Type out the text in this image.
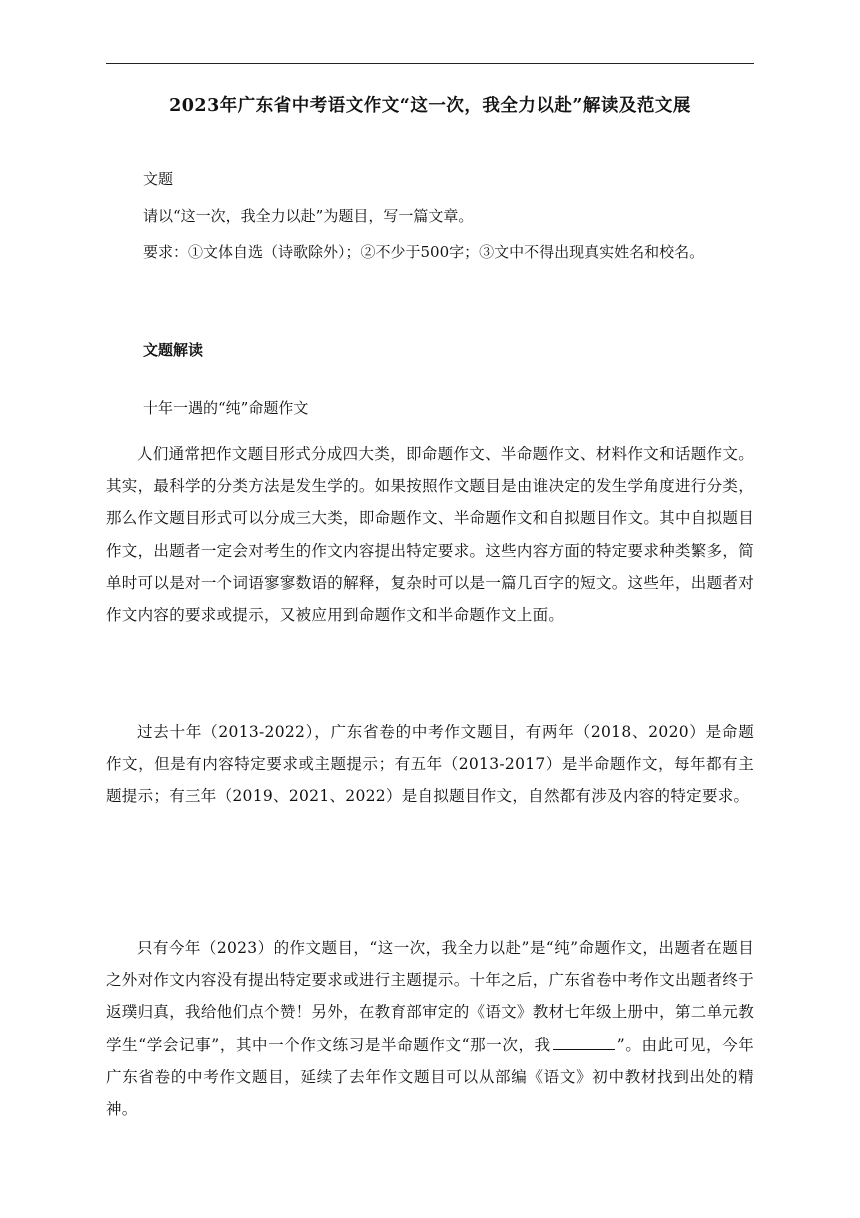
2023年广东省中考语文作文“这一次，我全力以赴”解读及范文展
文题
请以“这一次，我全力以赴”为题目，写一篇文章。
要求：①文体自选（诗歌除外）；②不少于500字；③文中不得出现真实姓名和校名。
文题解读
十年一遇的“纯”命题作文
人们通常把作文题目形式分成四大类，即命题作文、半命题作文、材料作文和话题作文。其实，最科学的分类方法是发生学的。如果按照作文题目是由谁决定的发生学角度进行分类，那么作文题目形式可以分成三大类，即命题作文、半命题作文和自拟题目作文。其中自拟题目作文，出题者一定会对考生的作文内容提出特定要求。这些内容方面的特定要求种类繁多，简单时可以是对一个词语寥寥数语的解释，复杂时可以是一篇几百字的短文。这些年，出题者对作文内容的要求或提示，又被应用到命题作文和半命题作文上面。
过去十年（2013-2022），广东省卷的中考作文题目，有两年（2018、2020）是命题作文，但是有内容特定要求或主题提示；有五年（2013-2017）是半命题作文，每年都有主题提示；有三年（2019、2021、2022）是自拟题目作文，自然都有涉及内容的特定要求。
只有今年（2023）的作文题目，“这一次，我全力以赴”是“纯”命题作文，出题者在题目之外对作文内容没有提出特定要求或进行主题提示。十年之后，广东省卷中考作文出题者终于返璞归真，我给他们点个赞！另外，在教育部审定的《语文》教材七年级上册中，第二单元教学生“学会记事”，其中一个作文练习是半命题作文“那一次，我	”。由此可见，今年广东省卷的中考作文题目，延续了去年作文题目可以从部编《语文》初中教材找到出处的精神。
